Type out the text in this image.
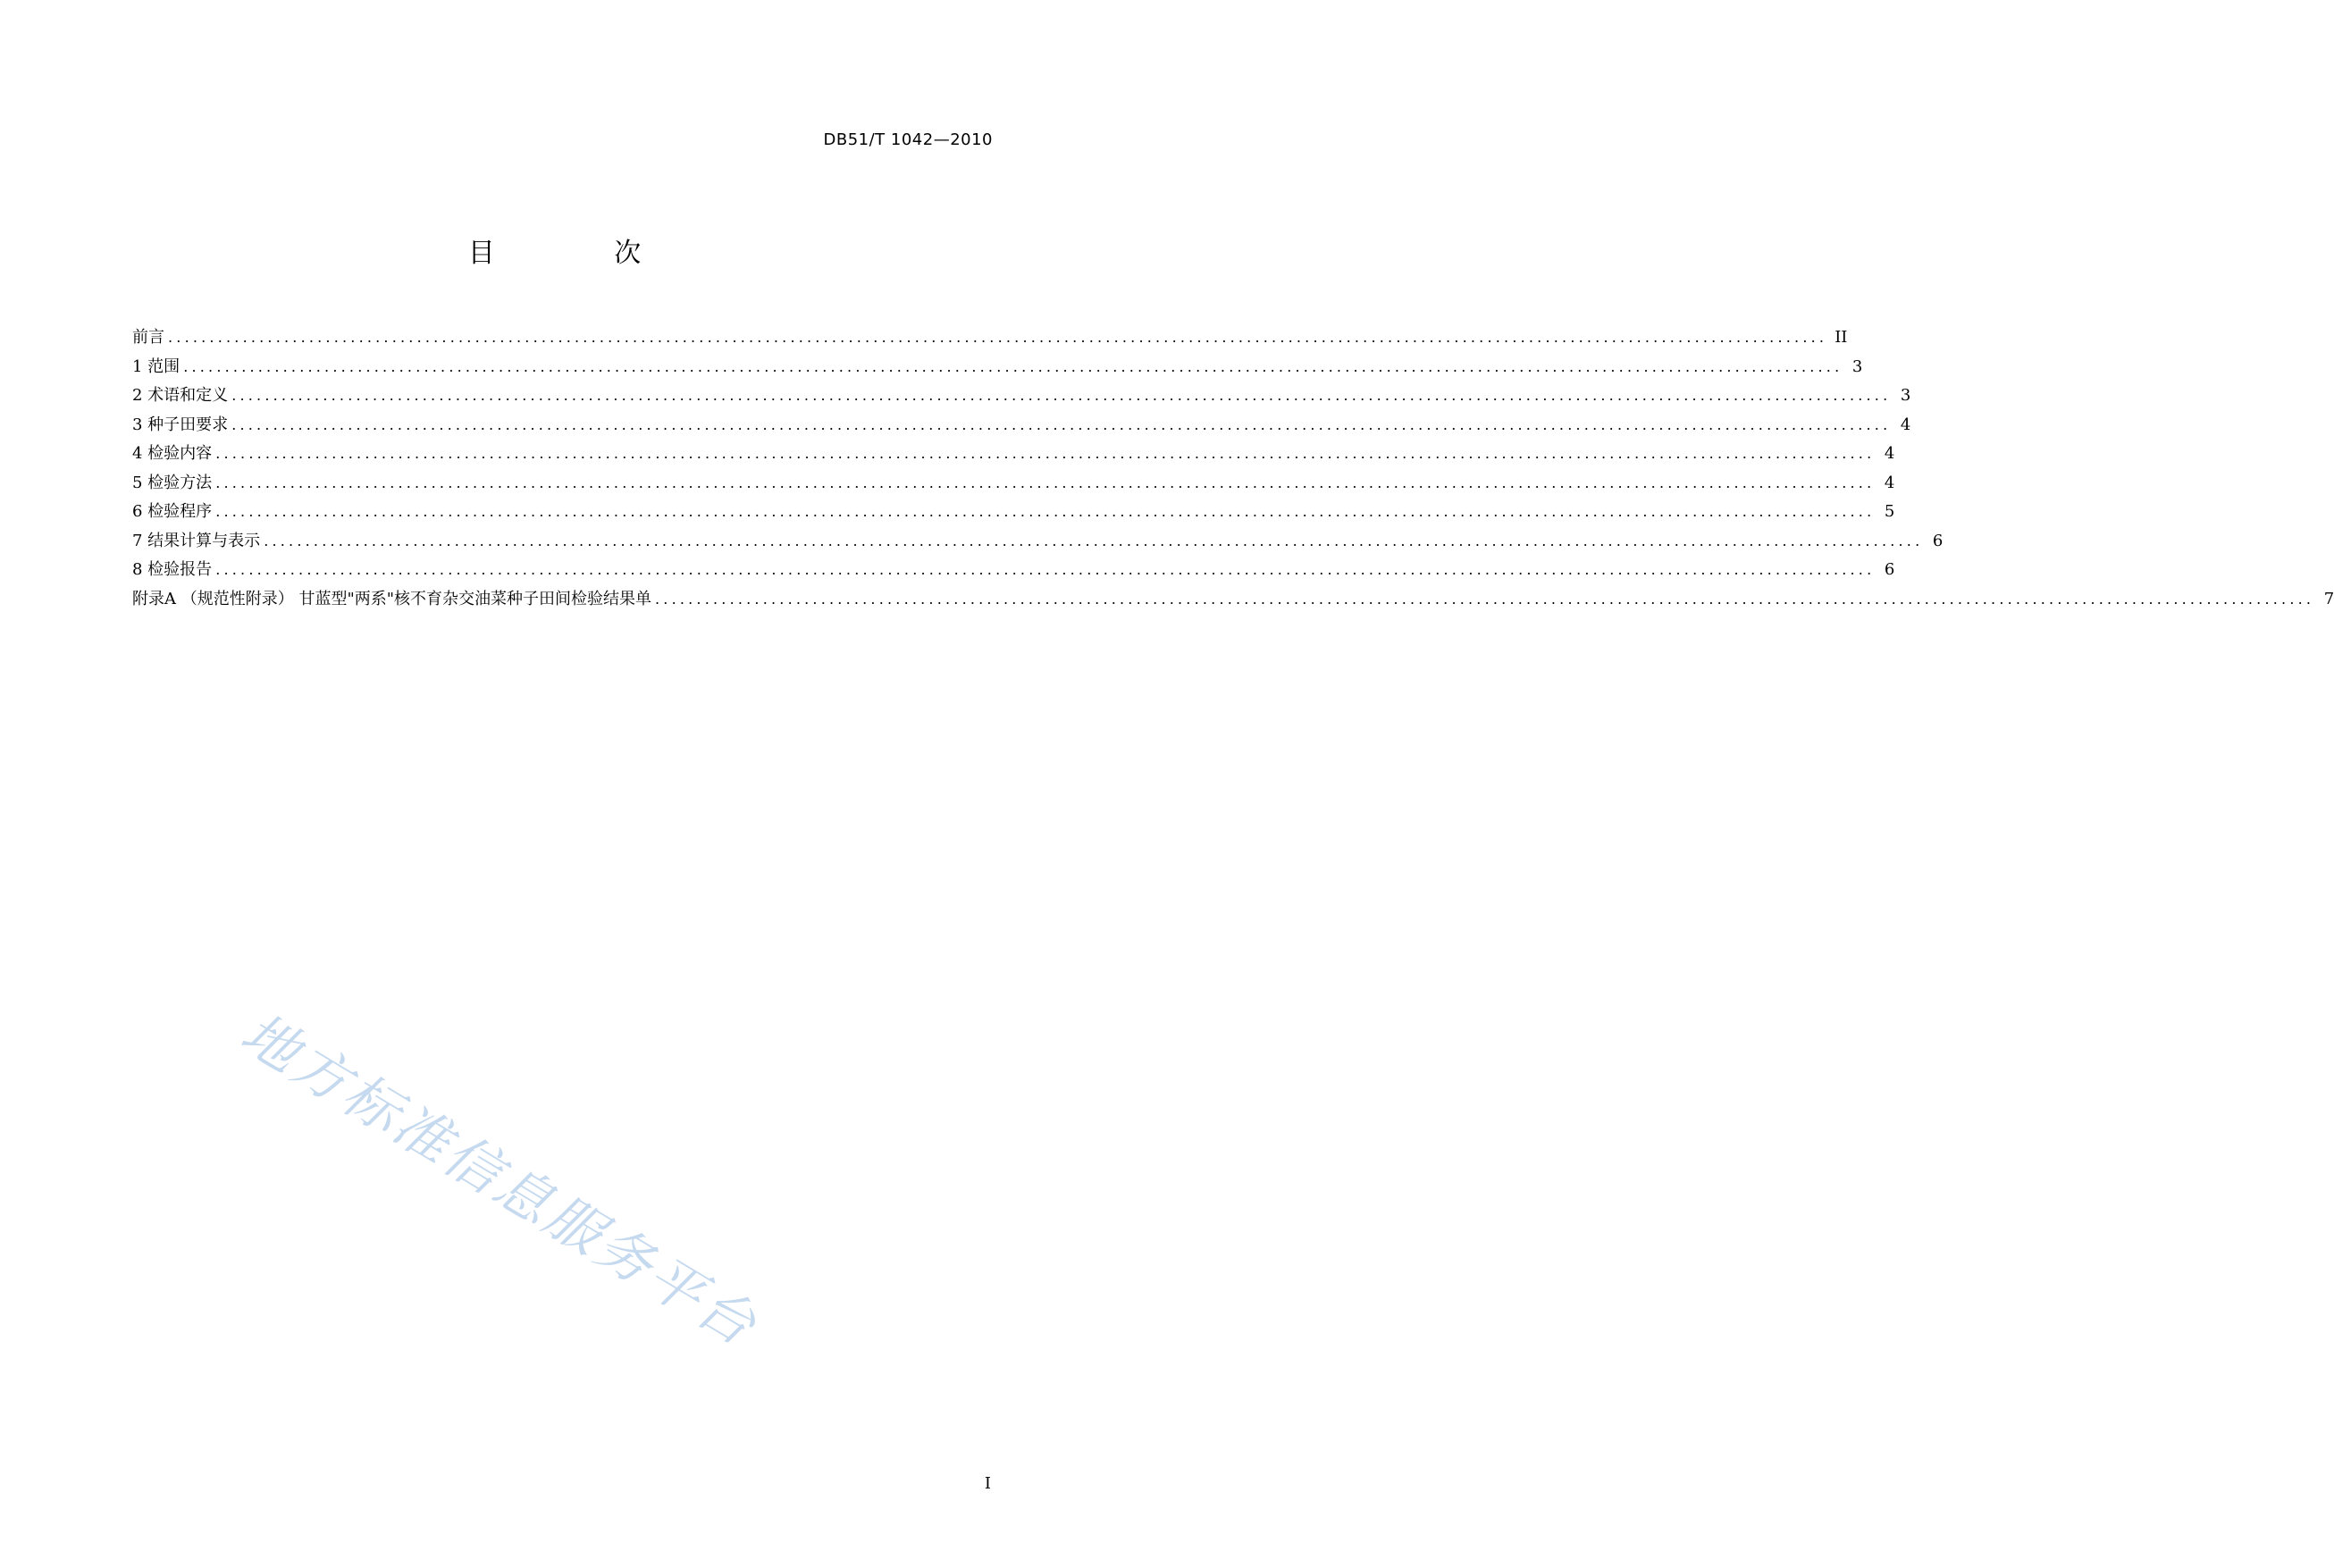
DB51/T 1042—2010
目 次
前言 ........................................................................................................................................................................................................ II
1 范围 ........................................................................................................................................................................................................ 3
2 术语和定义 ........................................................................................................................................................................................................ 3
3 种子田要求 ........................................................................................................................................................................................................ 4
4 检验内容 ........................................................................................................................................................................................................ 4
5 检验方法 ........................................................................................................................................................................................................ 4
6 检验程序 ........................................................................................................................................................................................................ 5
7 结果计算与表示 ........................................................................................................................................................................................................ 6
8 检验报告 ........................................................................................................................................................................................................ 6
附录A （规范性附录） 甘蓝型"两系"核不育杂交油菜种子田间检验结果单 ........................................................................................................................................................................................................ 7
地方标准信息服务平台
I
